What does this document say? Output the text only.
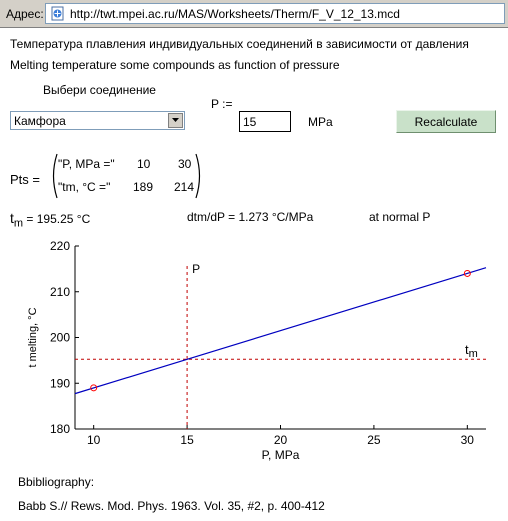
Адрес: http://twt.mpei.ac.ru/MAS/Worksheets/Therm/F_V_12_13.mcd
Температура плавления индивидуальных соединений в зависимости от давления
Melting temperature some compounds as function of pressure
Выбери соединение
Камфора
P :=
15
MPa	Recalculate
Pts =
"P, MPa =" 10 30
"tm, °C =" 189 214
$t_m = 195.25$ °C	dtm/dP = 1.273 °C/MPa	at normal P
10	15	20	25	30
180
190
200
210
220
P, MPa
t melting, °C
P
$t_m$
Bbibliography:
Babb S.// Rews. Mod. Phys. 1963. Vol. 35, #2, p. 400-412
